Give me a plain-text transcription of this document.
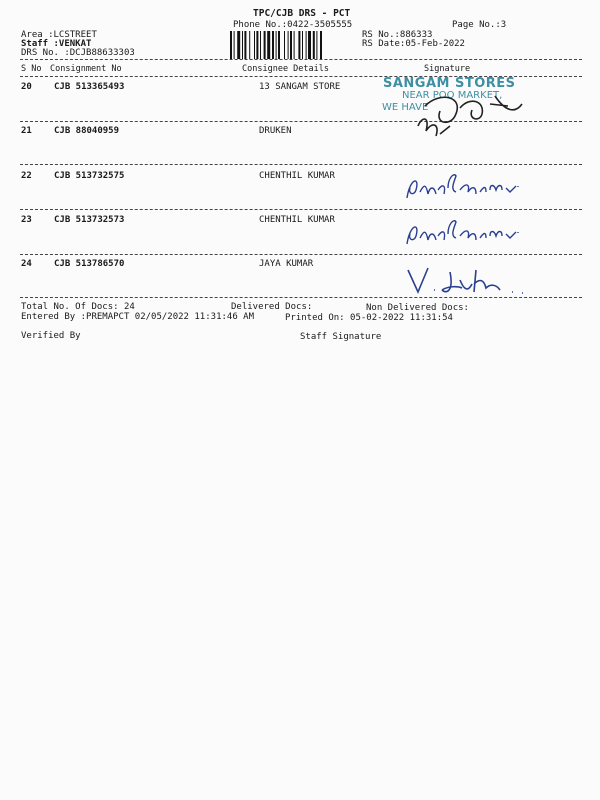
TPC/CJB DRS - PCT
Phone No.:0422-3505555	Page No.:3
Area :LCSTREET
Staff :VENKAT
DRS No. :DCJB88633303
RS No.:886333
RS Date:05-Feb-2022
S No Consignment No	Consignee Details	Signature
20 CJB 513365493	13 SANGAM STORE
21 CJB 88040959	DRUKEN
22 CJB 513732575	CHENTHIL KUMAR
23 CJB 513732573	CHENTHIL KUMAR
24 CJB 513786570	JAYA KUMAR
SANGAM STORES
NEAR POO MARKET,
WE HAVE
Total No. Of Docs: 24	Delivered Docs:	Non Delivered Docs:
Entered By :PREMAPCT 02/05/2022 11:31:46 AM	Printed On: 05-02-2022 11:31:54
Verified By	Staff Signature
